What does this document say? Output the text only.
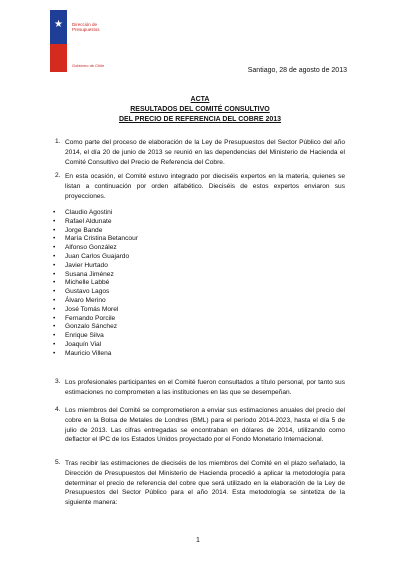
★ Dirección de Presupuestos
Gobierno de Chile
Santiago, 28 de agosto de 2013
ACTA
RESULTADOS DEL COMITÉ CONSULTIVO
DEL PRECIO DE REFERENCIA DEL COBRE 2013
1. Como parte del proceso de elaboración de la Ley de Presupuestos del Sector Público del año 2014, el día 20 de junio de 2013 se reunió en las dependencias del Ministerio de Hacienda el Comité Consultivo del Precio de Referencia del Cobre.
2. En esta ocasión, el Comité estuvo integrado por dieciséis expertos en la materia, quienes se listan a continuación por orden alfabético. Dieciséis de estos expertos enviaron sus proyecciones.
• Claudio Agostini
• Rafael Aldunate
• Jorge Bande
• María Cristina Betancour
• Alfonso González
• Juan Carlos Guajardo
• Javier Hurtado
• Susana Jiménez
• Michelle Labbé
• Gustavo Lagos
• Álvaro Merino
• José Tomás Morel
• Fernando Porcile
• Gonzalo Sánchez
• Enrique Silva
• Joaquín Vial
• Mauricio Villena
3. Los profesionales participantes en el Comité fueron consultados a título personal, por tanto sus estimaciones no comprometen a las instituciones en las que se desempeñan.
4. Los miembros del Comité se comprometieron a enviar sus estimaciones anuales del precio del cobre en la Bolsa de Metales de Londres (BML) para el período 2014-2023, hasta el día 5 de julio de 2013. Las cifras entregadas se encontraban en dólares de 2014, utilizando como deflactor el IPC de los Estados Unidos proyectado por el Fondo Monetario Internacional.
5. Tras recibir las estimaciones de dieciséis de los miembros del Comité en el plazo señalado, la Dirección de Presupuestos del Ministerio de Hacienda procedió a aplicar la metodología para determinar el precio de referencia del cobre que será utilizado en la elaboración de la Ley de Presupuestos del Sector Público para el año 2014. Esta metodología se sintetiza de la siguiente manera:
1
